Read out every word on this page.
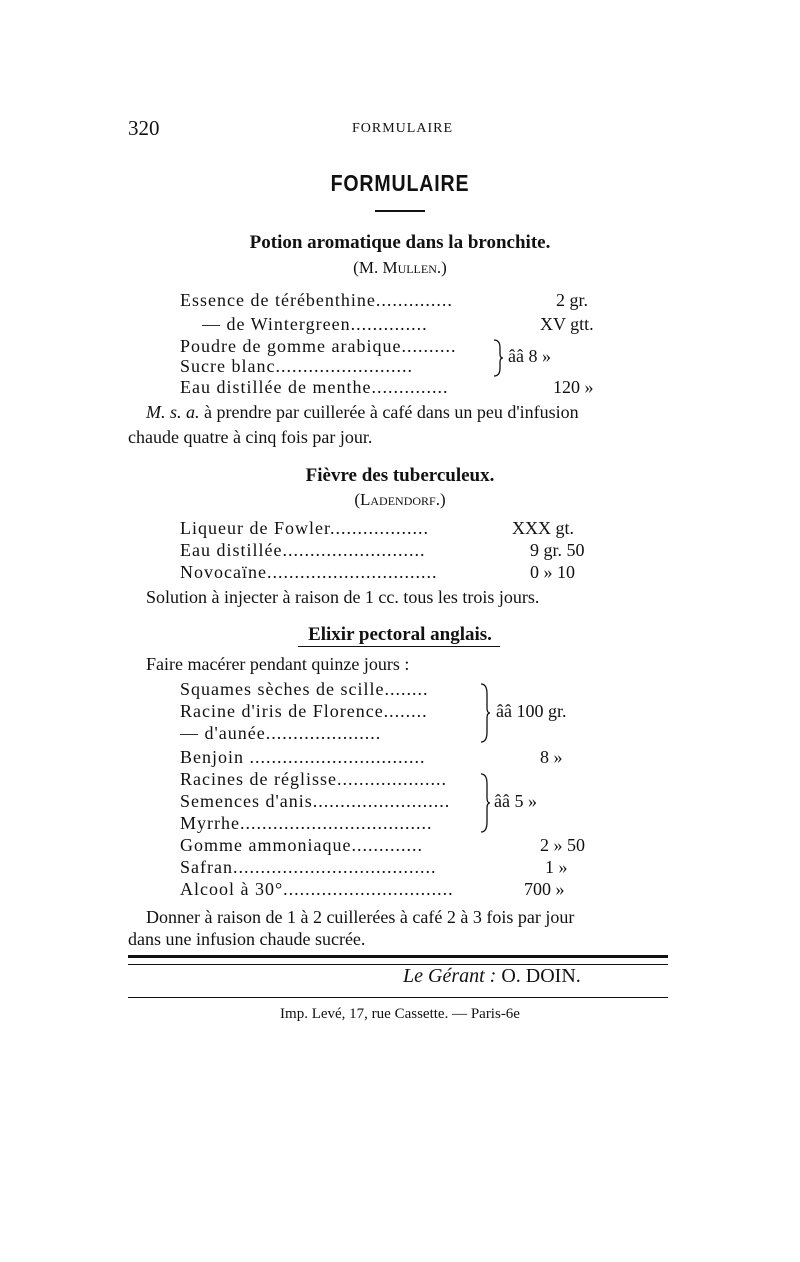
320	FORMULAIRE
FORMULAIRE
Potion aromatique dans la bronchite.
(M. Mullen.)
Essence de térébenthine..............	2 gr.
— de Wintergreen..............	XV gtt.
Poudre de gomme arabique..........
Sucre blanc.........................	ââ 8 »
Eau distillée de menthe..............	120 »
M. s. a. à prendre par cuillerée à café dans un peu d'infusion
chaude quatre à cinq fois par jour.
Fièvre des tuberculeux.
(Ladendorf.)
Liqueur de Fowler..................	XXX gt.
Eau distillée..........................	9 gr. 50
Novocaïne...............................	0 » 10
Solution à injecter à raison de 1 cc. tous les trois jours.
Elixir pectoral anglais.
Faire macérer pendant quinze jours :
Squames sèches de scille........
Racine d'iris de Florence........
— d'aunée.....................
ââ 100 gr.
Benjoin ................................	8 »
Racines de réglisse....................
Semences d'anis.........................
Myrrhe...................................
ââ 5 »
Gomme ammoniaque.............	2 » 50
Safran.....................................	1 »
Alcool à 30°...............................	700 »
Donner à raison de 1 à 2 cuillerées à café 2 à 3 fois par jour
dans une infusion chaude sucrée.
Le Gérant : O. DOIN.
Imp. Levé, 17, rue Cassette. — Paris-6e
